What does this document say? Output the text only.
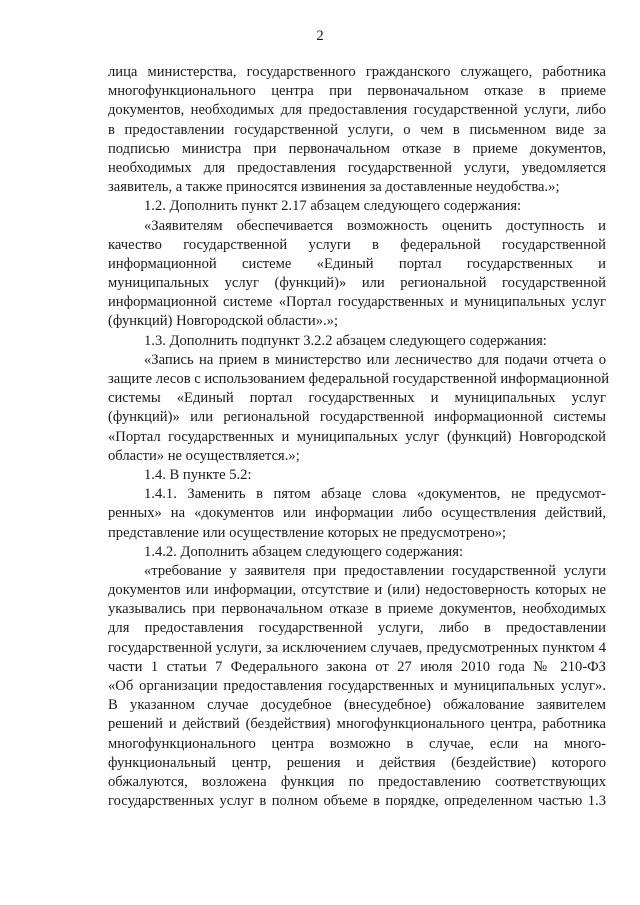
2
лица министерства, государственного гражданского служащего, работника
многофункционального центра при первоначальном отказе в приеме
документов, необходимых для предоставления государственной услуги, либо
в предоставлении государственной услуги, о чем в письменном виде за
подписью министра при первоначальном отказе в приеме документов,
необходимых для предоставления государственной услуги, уведомляется
заявитель, а также приносятся извинения за доставленные неудобства.»;
1.2. Дополнить пункт 2.17 абзацем следующего содержания:
«Заявителям обеспечивается возможность оценить доступность и
качество государственной услуги в федеральной государственной
информационной системе «Единый портал государственных и
муниципальных услуг (функций)» или региональной государственной
информационной системе «Портал государственных и муниципальных услуг
(функций) Новгородской области».»;
1.3. Дополнить подпункт 3.2.2 абзацем следующего содержания:
«Запись на прием в министерство или лесничество для подачи отчета о
защите лесов с использованием федеральной государственной информационной
системы «Единый портал государственных и муниципальных услуг
(функций)» или региональной государственной информационной системы
«Портал государственных и муниципальных услуг (функций) Новгородской
области» не осуществляется.»;
1.4. В пункте 5.2:
1.4.1. Заменить в пятом абзаце слова «документов, не предусмот-
ренных» на «документов или информации либо осуществления действий,
представление или осуществление которых не предусмотрено»;
1.4.2. Дополнить абзацем следующего содержания:
«требование у заявителя при предоставлении государственной услуги
документов или информации, отсутствие и (или) недостоверность которых не
указывались при первоначальном отказе в приеме документов, необходимых
для предоставления государственной услуги, либо в предоставлении
государственной услуги, за исключением случаев, предусмотренных пунктом 4
части 1 статьи 7 Федерального закона от 27 июля 2010 года № 210-ФЗ
«Об организации предоставления государственных и муниципальных услуг».
В указанном случае досудебное (внесудебное) обжалование заявителем
решений и действий (бездействия) многофункционального центра, работника
многофункционального центра возможно в случае, если на много-
функциональный центр, решения и действия (бездействие) которого
обжалуются, возложена функция по предоставлению соответствующих
государственных услуг в полном объеме в порядке, определенном частью 1.3
